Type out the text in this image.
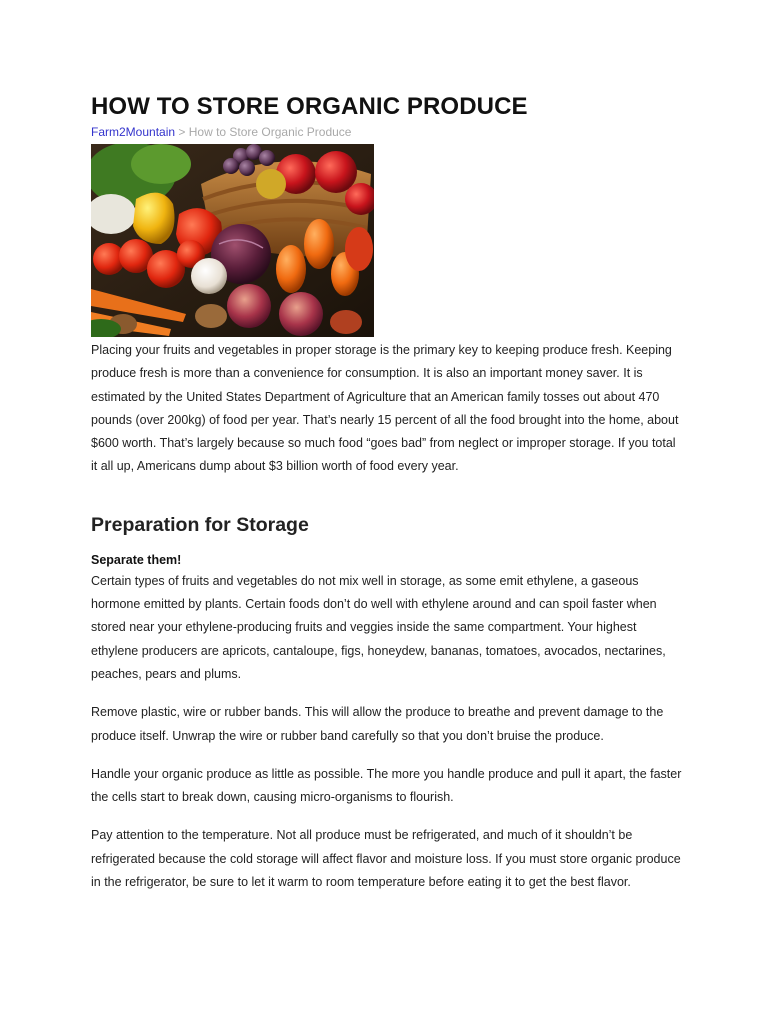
HOW TO STORE ORGANIC PRODUCE
Farm2Mountain > How to Store Organic Produce

Placing your fruits and vegetables in proper storage is the primary key to keeping produce fresh. Keeping produce fresh is more than a convenience for consumption. It is also an important money saver. It is estimated by the United States Department of Agriculture that an American family tosses out about 470 pounds (over 200kg) of food per year. That’s nearly 15 percent of all the food brought into the home, about $600 worth. That’s largely because so much food “goes bad” from neglect or improper storage. If you total it all up, Americans dump about $3 billion worth of food every year.

Preparation for Storage
Separate them!

Certain types of fruits and vegetables do not mix well in storage, as some emit ethylene, a gaseous hormone emitted by plants. Certain foods don’t do well with ethylene around and can spoil faster when stored near your ethylene-producing fruits and veggies inside the same compartment. Your highest ethylene producers are apricots, cantaloupe, figs, honeydew, bananas, tomatoes, avocados, nectarines, peaches, pears and plums.

Remove plastic, wire or rubber bands. This will allow the produce to breathe and prevent damage to the produce itself. Unwrap the wire or rubber band carefully so that you don’t bruise the produce.

Handle your organic produce as little as possible. The more you handle produce and pull it apart, the faster the cells start to break down, causing micro-organisms to flourish.

Pay attention to the temperature. Not all produce must be refrigerated, and much of it shouldn’t be refrigerated because the cold storage will affect flavor and moisture loss. If you must store organic produce in the refrigerator, be sure to let it warm to room temperature before eating it to get the best flavor.
